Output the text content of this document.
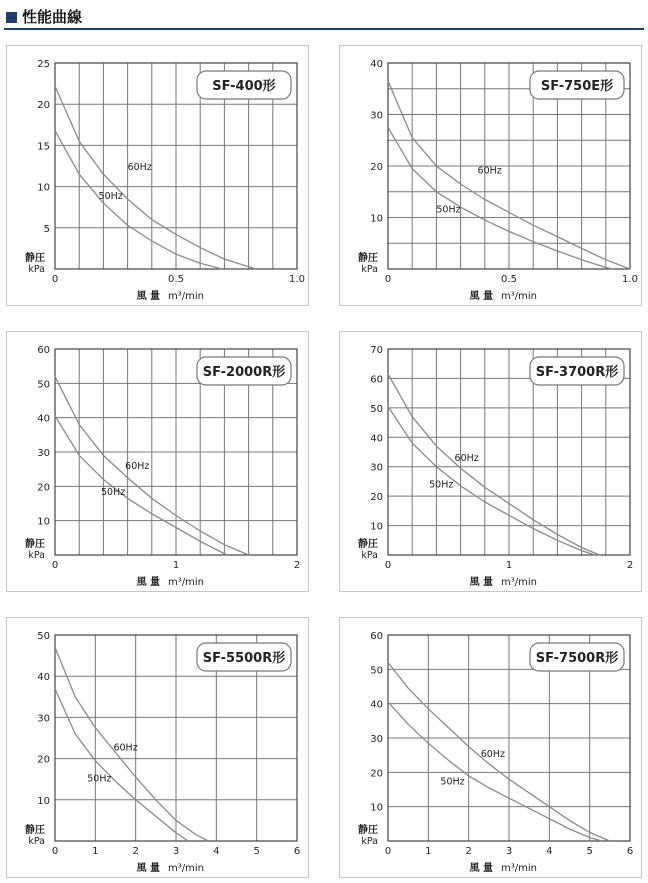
性能曲線
5
10
15
20
25
0	0.5	1.0
静圧
kPa
風 量 m³/min
60Hz
50Hz
SF-400形
10
20
30
40
0	0.5	1.0
静圧
kPa
風 量 m³/min
60Hz
50Hz
SF-750E形
10
20
30
40
50
60
0	1	2
静圧
kPa
風 量 m³/min
60Hz
50Hz
SF-2000R形
10
20
30
40
50
60
70
0	1	2
静圧
kPa
風 量 m³/min
60Hz
50Hz
SF-3700R形
10
20
30
40
50
0	1	2	3	4	5	6
静圧
kPa
風 量 m³/min
60Hz
50Hz
SF-5500R形
10
20
30
40
50
60
0	1	2	3	4	5	6
静圧
kPa
風 量 m³/min
60Hz
50Hz
SF-7500R形
